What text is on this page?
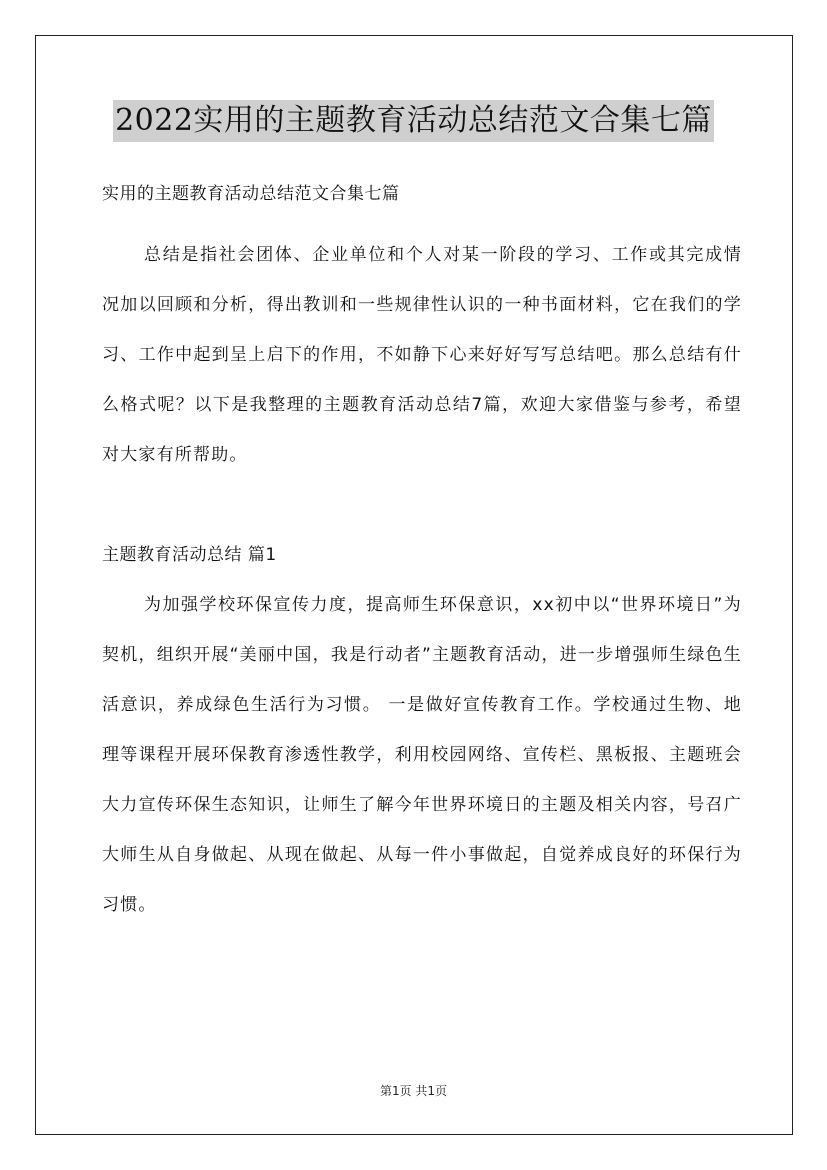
2022实用的主题教育活动总结范文合集七篇
实用的主题教育活动总结范文合集七篇

总结是指社会团体、企业单位和个人对某一阶段的学习、工作或其完成情况加以回顾和分析，得出教训和一些规律性认识的一种书面材料，它在我们的学习、工作中起到呈上启下的作用，不如静下心来好好写写总结吧。那么总结有什么格式呢？以下是我整理的主题教育活动总结7篇，欢迎大家借鉴与参考，希望对大家有所帮助。

主题教育活动总结 篇1

为加强学校环保宣传力度，提高师生环保意识，xx初中以“世界环境日”为契机，组织开展“美丽中国，我是行动者”主题教育活动，进一步增强师生绿色生活意识，养成绿色生活行为习惯。 一是做好宣传教育工作。学校通过生物、地理等课程开展环保教育渗透性教学，利用校园网络、宣传栏、黑板报、主题班会大力宣传环保生态知识，让师生了解今年世界环境日的主题及相关内容，号召广大师生从自身做起、从现在做起、从每一件小事做起，自觉养成良好的环保行为习惯。

第1页 共1页
